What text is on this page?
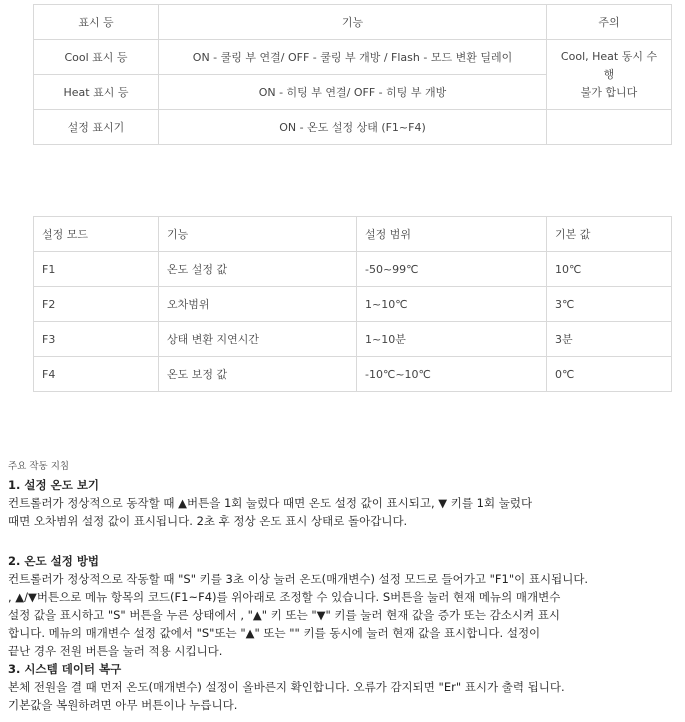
표시 등	기능	주의
Cool 표시 등	ON - 쿨링 부 연결/ OFF - 쿨링 부 개방 / Flash - 모드 변환 딜레이	Cool, Heat 동시 수
행
불가 합니다

Heat 표시 등	ON - 히팅 부 연결/ OFF - 히팅 부 개방	
설정 표시기	ON - 온도 설정 상태 (F1~F4)	
설정 모드	기능	설정 범위	기본 값
F1	온도 설정 값	-50~99℃	10℃
F2	오차범위	1~10℃	3℃
F3	상태 변환 지연시간	1~10분	3분
F4	온도 보정 값	-10℃~10℃	0℃

주요 작동 지침

1. 설정 온도 보기

컨트롤러가 정상적으로 동작할 때 ▲버튼을 1회 눌렀다 때면 온도 설정 값이 표시되고, ▼ 키를 1회 눌렀다

때면 오차범위 설정 값이 표시됩니다. 2초 후 정상 온도 표시 상태로 돌아갑니다.

2. 온도 설정 방법

컨트롤러가 정상적으로 작동할 때 "S" 키를 3초 이상 눌러 온도(매개변수) 설정 모드로 들어가고 "F1"이 표시됩니다.

, ▲/▼버튼으로 메뉴 항목의 코드(F1~F4)를 위아래로 조정할 수 있습니다. S버튼을 눌러 현재 메뉴의 매개변수

설정 값을 표시하고 "S" 버튼을 누른 상태에서 , "▲" 키 또는 "▼" 키를 눌러 현재 값을 증가 또는 감소시켜 표시

합니다. 메뉴의 매개변수 설정 값에서 "S"또는 "▲" 또는 "" 키를 동시에 눌러 현재 값을 표시합니다. 설정이

끝난 경우 전원 버튼을 눌러 적용 시킵니다.

3. 시스템 데이터 복구

본체 전원을 결 때 먼저 온도(매개변수) 설정이 올바른지 확인합니다. 오류가 감지되면 "Er" 표시가 출력 됩니다.

기본값을 복원하려면 아무 버튼이나 누릅니다.
